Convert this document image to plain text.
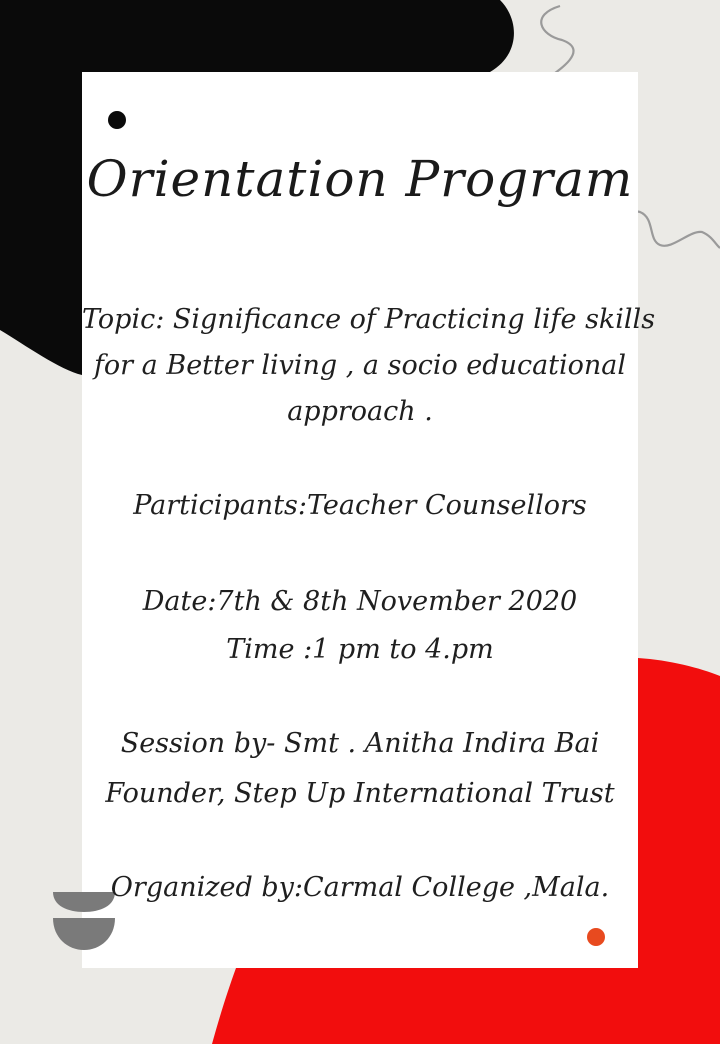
Orientation Program
Topic: Significance of Practicing life skills
for a Better living , a socio educational
approach .
Participants:Teacher Counsellors
Date:7th & 8th November 2020
Time :1 pm to 4.pm
Session by- Smt . Anitha Indira Bai
Founder, Step Up International Trust
Organized by:Carmal College ,Mala.
